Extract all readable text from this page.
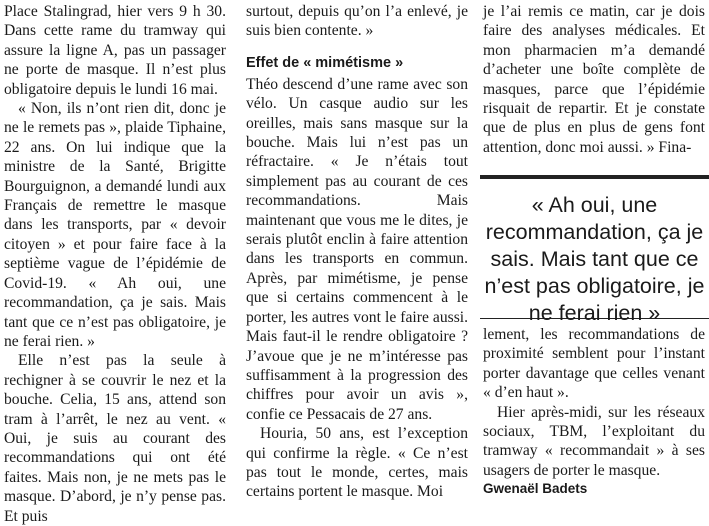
Place Stalingrad, hier vers 9 h 30. Dans cette rame du tramway qui assure la ligne A, pas un passager ne porte de masque. Il n’est plus obligatoire depuis le lundi 16 mai.

« Non, ils n’ont rien dit, donc je ne le remets pas », plaide Tiphaine, 22 ans. On lui indique que la ministre de la Santé, Brigitte Bourguignon, a demandé lundi aux Français de remettre le masque dans les transports, par « devoir citoyen » et pour faire face à la septième vague de l’épidémie de Covid-19. « Ah oui, une recommandation, ça je sais. Mais tant que ce n’est pas obligatoire, je ne ferai rien. »

Elle n’est pas la seule à rechigner à se couvrir le nez et la bouche. Celia, 15 ans, attend son tram à l’arrêt, le nez au vent. « Oui, je suis au courant des recommandations qui ont été faites. Mais non, je ne mets pas le masque. D’abord, je n’y pense pas. Et puis

surtout, depuis qu’on l’a enlevé, je suis bien contente. »

Effet de « mimétisme »

Théo descend d’une rame avec son vélo. Un casque audio sur les oreilles, mais sans masque sur la bouche. Mais lui n’est pas un réfractaire. « Je n’étais tout simplement pas au courant de ces recommandations. Mais maintenant que vous me le dites, je serais plutôt enclin à faire attention dans les transports en commun. Après, par mimétisme, je pense que si certains commencent à le porter, les autres vont le faire aussi. Mais faut-il le rendre obligatoire ? J’avoue que je ne m’intéresse pas suffisamment à la progression des chiffres pour avoir un avis », confie ce Pessacais de 27 ans.

Houria, 50 ans, est l’exception qui confirme la règle. « Ce n’est pas tout le monde, certes, mais certains portent le masque. Moi

je l’ai remis ce matin, car je dois faire des analyses médicales. Et mon pharmacien m’a demandé d’acheter une boîte complète de masques, parce que l’épidémie risquait de repartir. Et je constate que de plus en plus de gens font attention, donc moi aussi. » Fina-

« Ah oui, une recommandation, ça je sais. Mais tant que ce n’est pas obligatoire, je ne ferai rien »

lement, les recommandations de proximité semblent pour l’instant porter davantage que celles venant « d’en haut ».

Hier après-midi, sur les réseaux sociaux, TBM, l’exploitant du tramway « recommandait » à ses usagers de porter le masque.

Gwenaël Badets
